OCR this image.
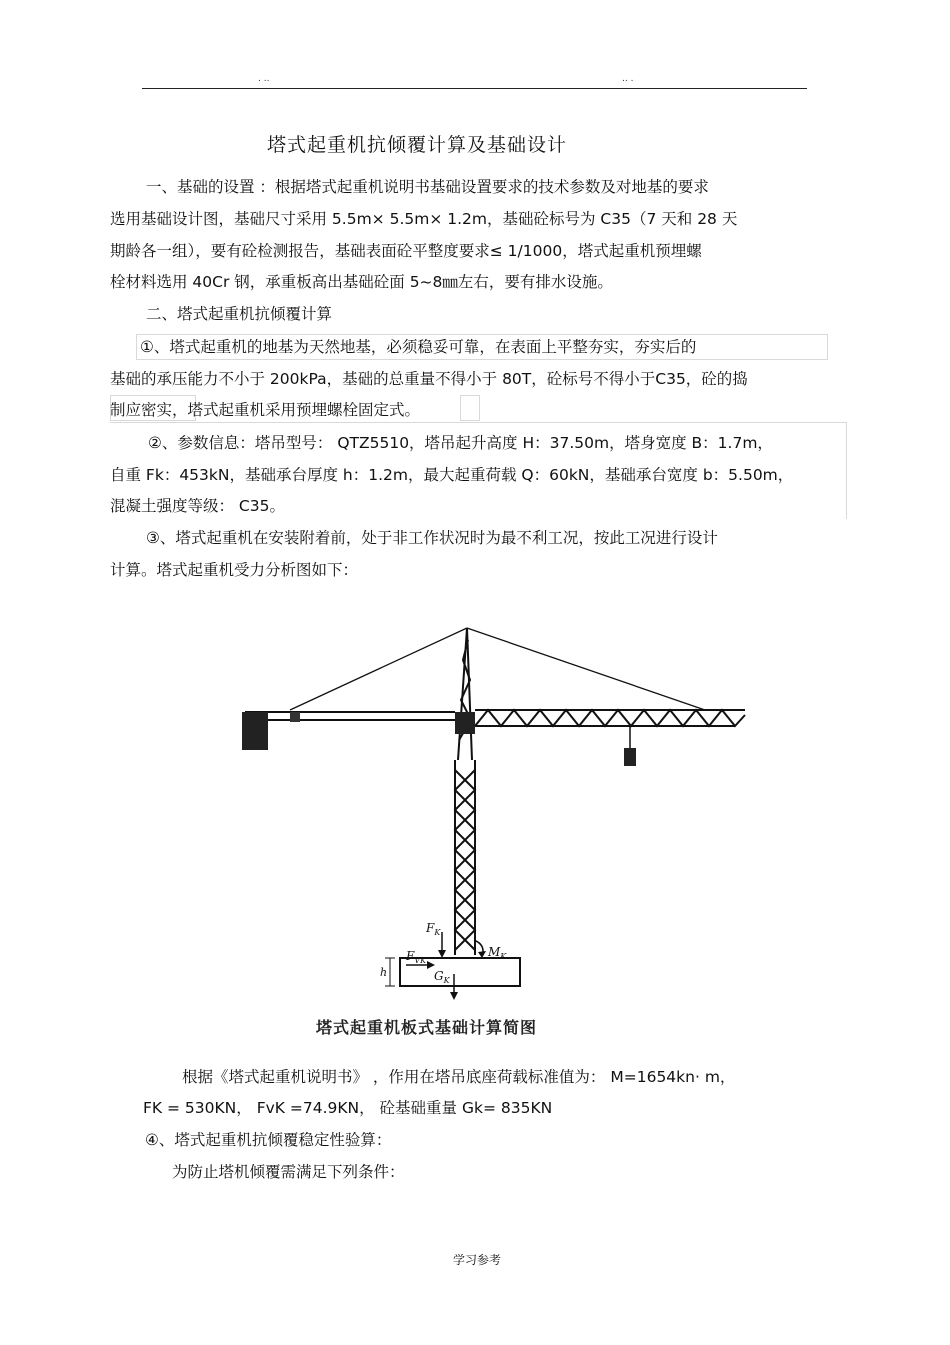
. ..	.. .
塔式起重机抗倾覆计算及基础设计
一、基础的设置 ：根据塔式起重机说明书基础设置要求的技术参数及对地基的要求
选用基础设计图，基础尺寸采用 5.5m× 5.5m× 1.2m，基础砼标号为 C35（7 天和 28 天
期龄各一组），要有砼检测报告，基础表面砼平整度要求≤ 1/1000，塔式起重机预埋螺
栓材料选用 40Cr 钢，承重板高出基础砼面 5~8㎜左右，要有排水设施。
二、塔式起重机抗倾覆计算
①、塔式起重机的地基为天然地基，必须稳妥可靠，在表面上平整夯实，夯实后的
基础的承压能力不小于 200kPa，基础的总重量不得小于 80T，砼标号不得小于C35，砼的捣
制应密实，塔式起重机采用预埋螺栓固定式。
②、参数信息：塔吊型号： QTZ5510，塔吊起升高度 H：37.50m，塔身宽度 B：1.7m，
自重 Fk：453kN，基础承台厚度 h：1.2m，最大起重荷载 Q：60kN，基础承台宽度 b：5.50m，
混凝土强度等级： C35。
③、塔式起重机在安装附着前，处于非工作状况时为最不利工况，按此工况进行设计
计算。塔式起重机受力分析图如下：
$F_K$
$F_{VK}$
$M_K$
$G_K$
h
塔式起重机板式基础计算简图
根据《塔式起重机说明书》 ，作用在塔吊底座荷载标准值为： M=1654kn· m，
FK = 530KN， FvK =74.9KN， 砼基础重量 Gk= 835KN
④、塔式起重机抗倾覆稳定性验算：
为防止塔机倾覆需满足下列条件：
学习参考
